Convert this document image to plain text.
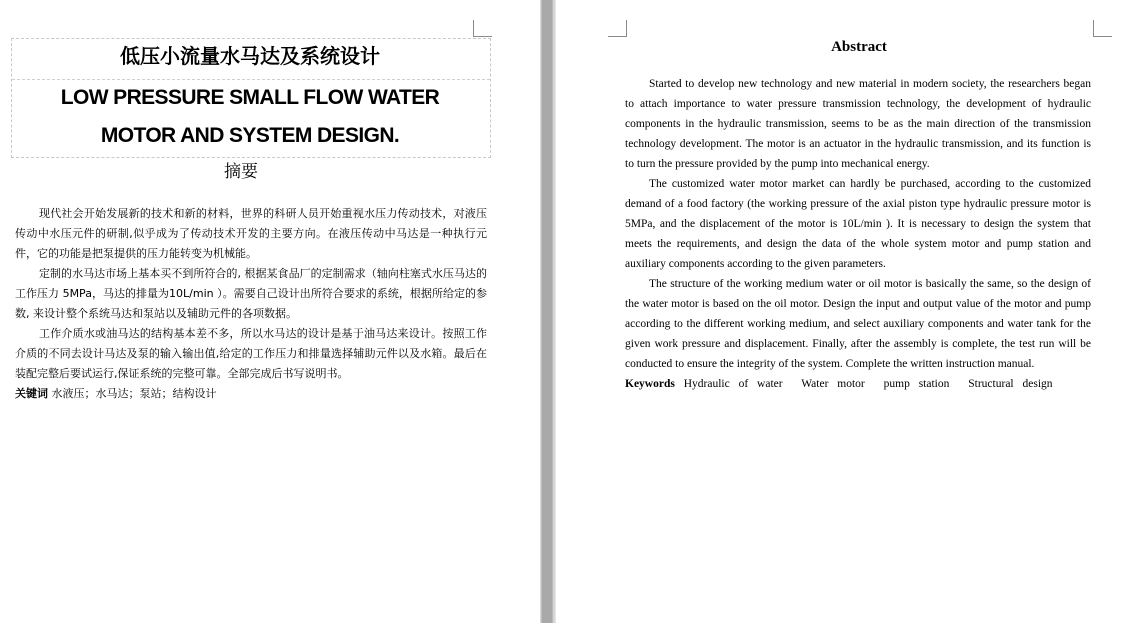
低压小流量水马达及系统设计
LOW PRESSURE SMALL FLOW WATER
MOTOR AND SYSTEM DESIGN.
摘要

现代社会开始发展新的技术和新的材料，世界的科研人员开始重视水压力传动技术，对液压传动中水压元件的研制,似乎成为了传动技术开发的主要方向。在液压传动中马达是一种执行元件，它的功能是把泵提供的压力能转变为机械能。

定制的水马达市场上基本买不到所符合的, 根据某食品厂的定制需求（轴向柱塞式水压马达的工作压力 5MPa，马达的排量为10L/min ）。需要自己设计出所符合要求的系统，根据所给定的参数, 来设计整个系统马达和泵站以及辅助元件的各项数据。

工作介质水或油马达的结构基本差不多，所以水马达的设计是基于油马达来设计。按照工作介质的不同去设计马达及泵的输入输出值,给定的工作压力和排量选择辅助元件以及水箱。最后在装配完整后要试运行,保证系统的完整可靠。全部完成后书写说明书。

关键词 水液压；水马达；泵站；结构设计

Abstract

Started to develop new technology and new material in modern society, the researchers began to attach importance to water pressure transmission technology, the development of hydraulic components in the hydraulic transmission, seems to be as the main direction of the transmission technology development. The motor is an actuator in the hydraulic transmission, and its function is to turn the pressure provided by the pump into mechanical energy.

The customized water motor market can hardly be purchased, according to the customized demand of a food factory (the working pressure of the axial piston type hydraulic pressure motor is 5MPa, and the displacement of the motor is 10L/min ). It is necessary to design the system that meets the requirements, and design the data of the whole system motor and pump station and auxiliary components according to the given parameters.

The structure of the working medium water or oil motor is basically the same, so the design of the water motor is based on the oil motor. Design the input and output value of the motor and pump according to the different working medium, and select auxiliary components and water tank for the given work pressure and displacement. Finally, after the assembly is complete, the test run will be conducted to ensure the integrity of the system. Complete the written instruction manual.

Keywords Hydraulic of water Water motor pump station Structural design
